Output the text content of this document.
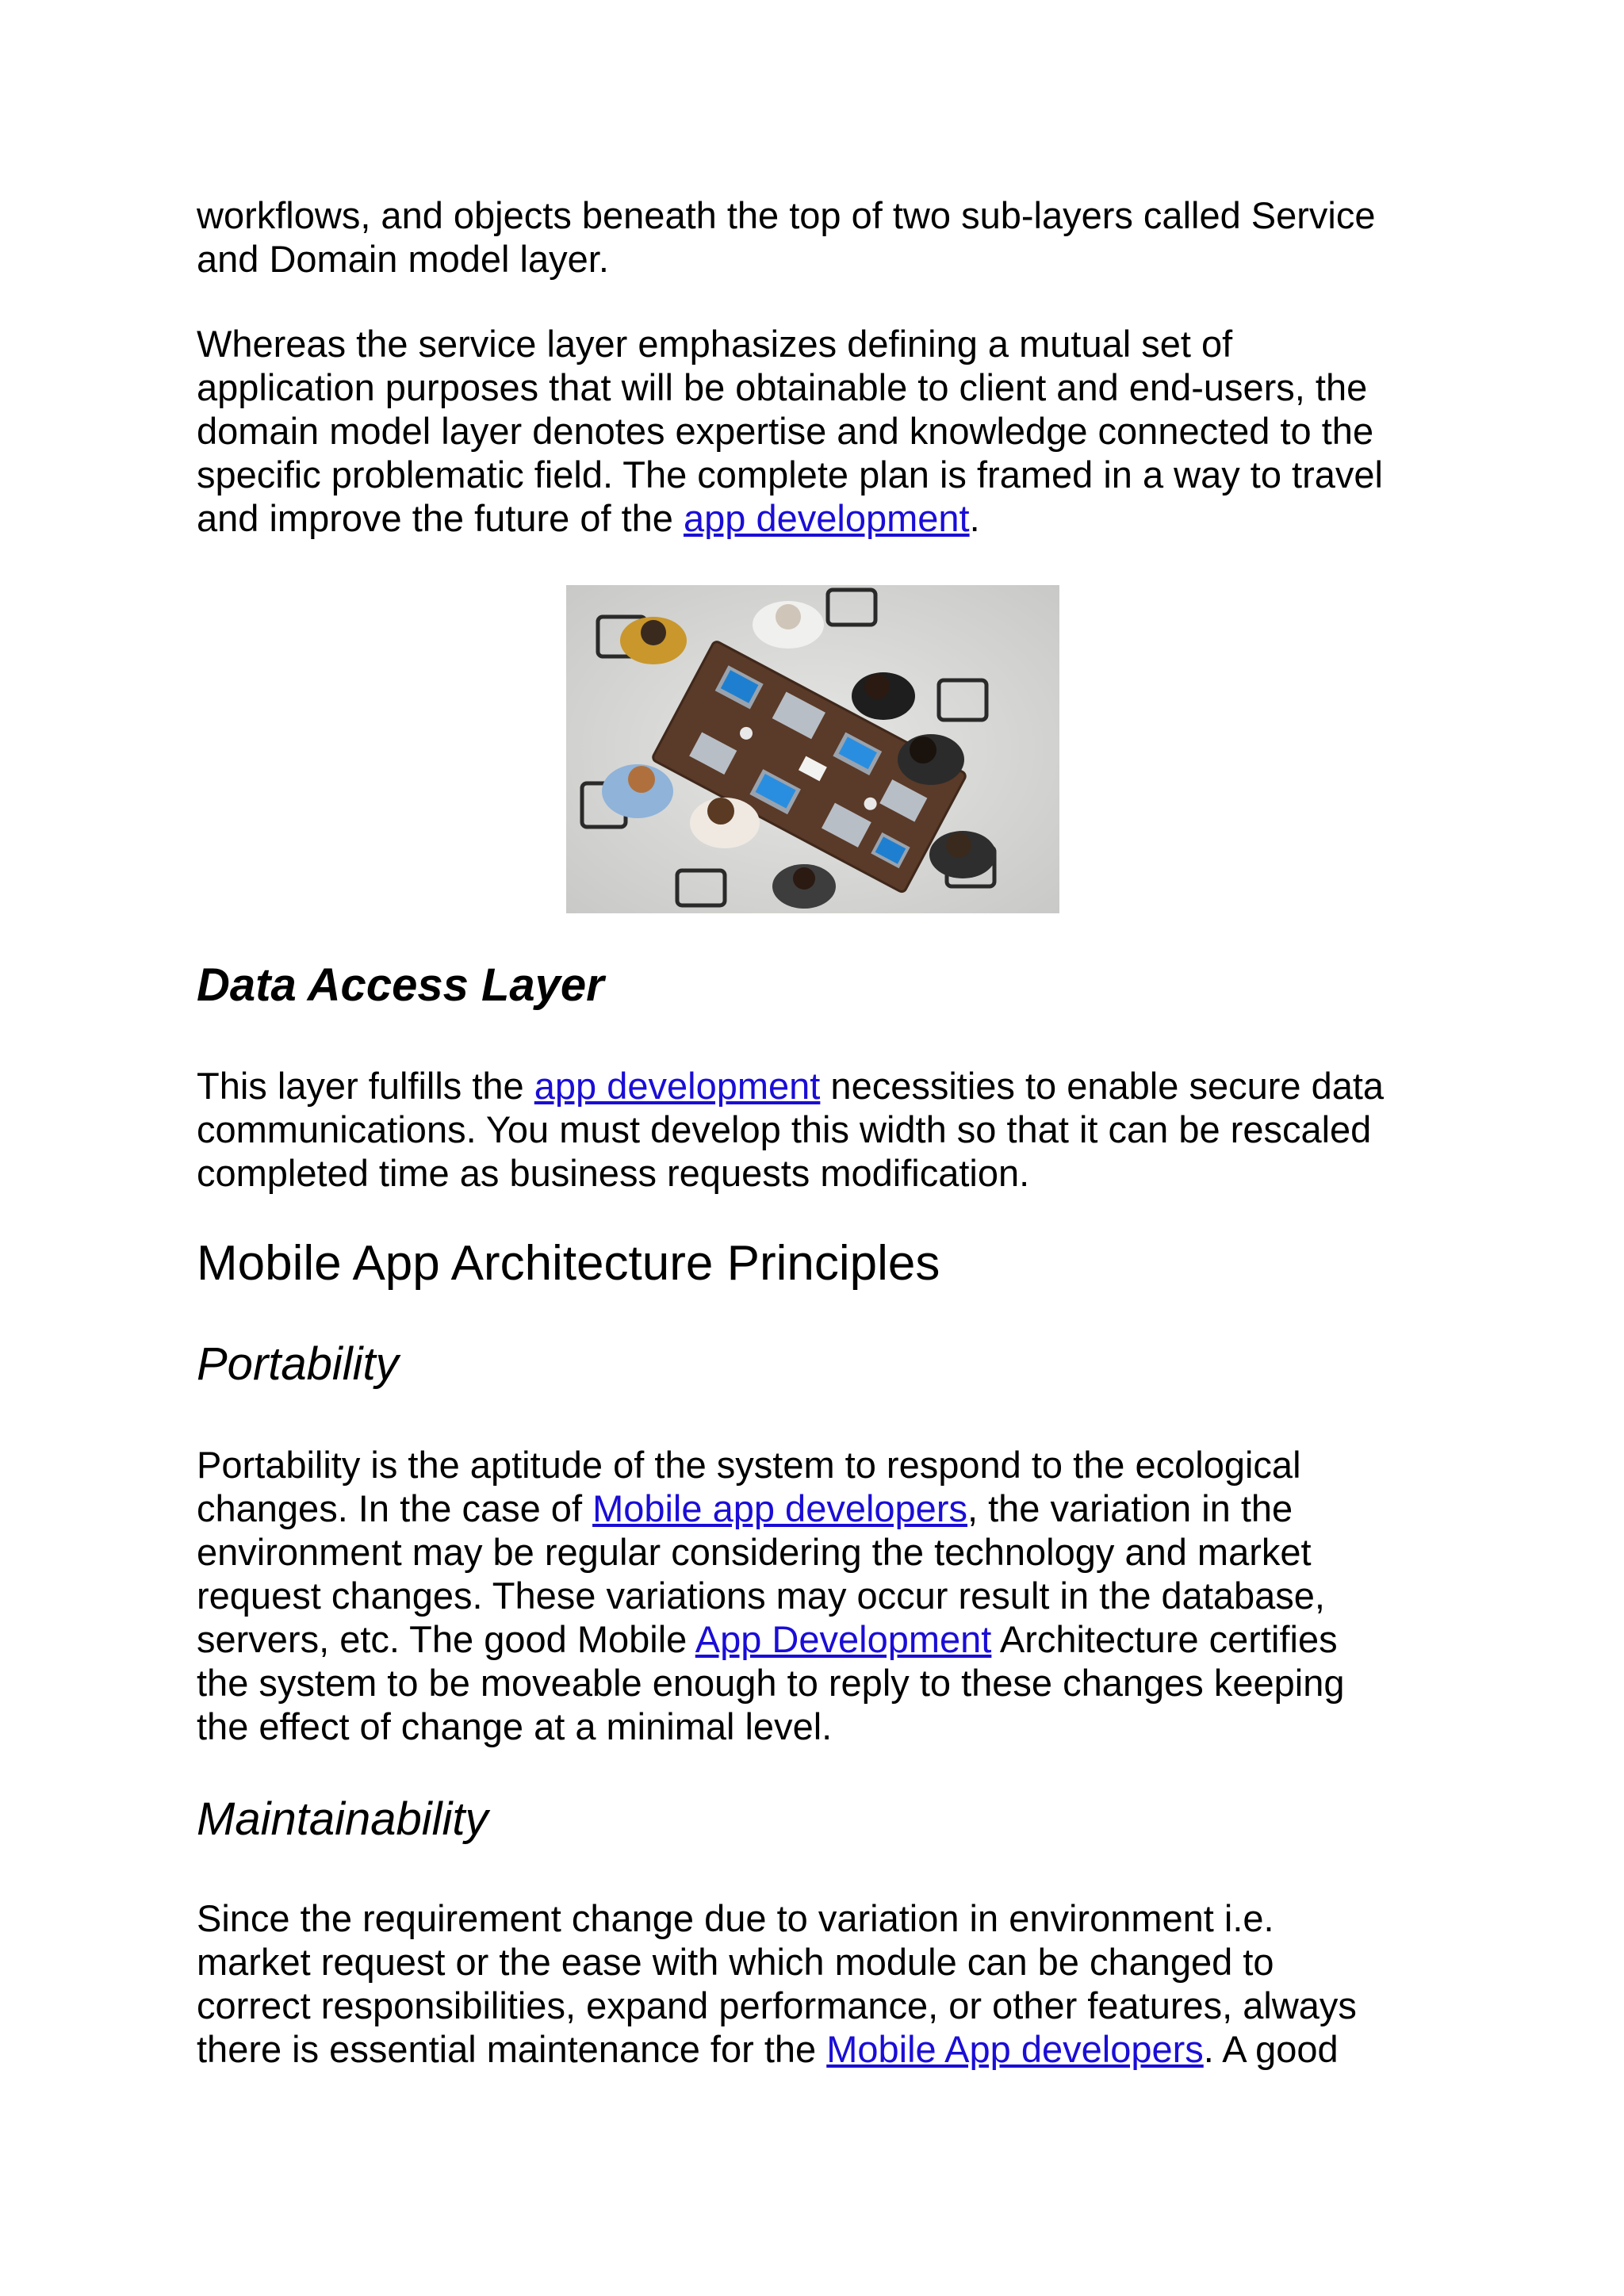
workflows, and objects beneath the top of two sub-layers called Service
and Domain model layer.

Whereas the service layer emphasizes defining a mutual set of
application purposes that will be obtainable to client and end-users, the
domain model layer denotes expertise and knowledge connected to the
specific problematic field. The complete plan is framed in a way to travel
and improve the future of the app development.

Data Access Layer

This layer fulfills the app development necessities to enable secure data
communications. You must develop this width so that it can be rescaled
completed time as business requests modification.

Mobile App Architecture Principles
Portability

Portability is the aptitude of the system to respond to the ecological
changes. In the case of Mobile app developers, the variation in the
environment may be regular considering the technology and market
request changes. These variations may occur result in the database,
servers, etc. The good Mobile App Development Architecture certifies
the system to be moveable enough to reply to these changes keeping
the effect of change at a minimal level.

Maintainability

Since the requirement change due to variation in environment i.e.
market request or the ease with which module can be changed to
correct responsibilities, expand performance, or other features, always
there is essential maintenance for the Mobile App developers. A good
